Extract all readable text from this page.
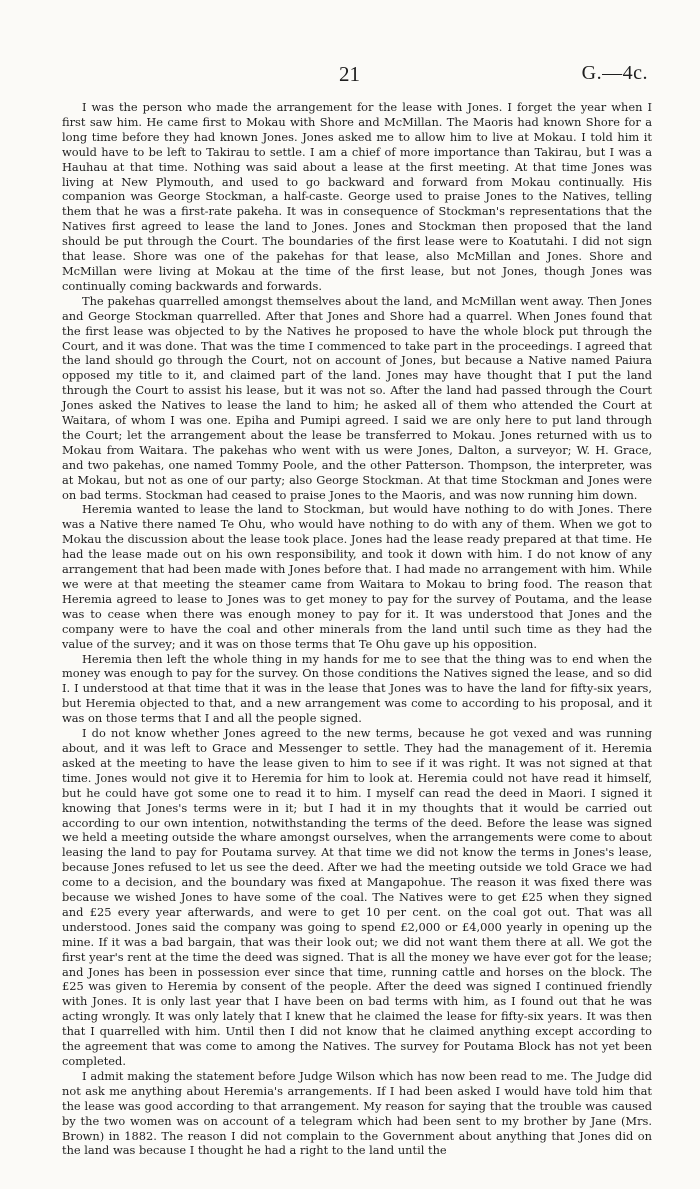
21	G.—4c.

I was the person who made the arrangement for the lease with Jones. I forget the year when I first saw him. He came first to Mokau with Shore and McMillan. The Maoris had known Shore for a long time before they had known Jones. Jones asked me to allow him to live at Mokau. I told him it would have to be left to Takirau to settle. I am a chief of more importance than Takirau, but I was a Hauhau at that time. Nothing was said about a lease at the first meeting. At that time Jones was living at New Plymouth, and used to go backward and forward from Mokau continually. His companion was George Stockman, a half-caste. George used to praise Jones to the Natives, telling them that he was a first-rate pakeha. It was in consequence of Stockman's representations that the Natives first agreed to lease the land to Jones. Jones and Stockman then proposed that the land should be put through the Court. The boundaries of the first lease were to Koatutahi. I did not sign that lease. Shore was one of the pakehas for that lease, also McMillan and Jones. Shore and McMillan were living at Mokau at the time of the first lease, but not Jones, though Jones was continually coming backwards and forwards.

The pakehas quarrelled amongst themselves about the land, and McMillan went away. Then Jones and George Stockman quarrelled. After that Jones and Shore had a quarrel. When Jones found that the first lease was objected to by the Natives he proposed to have the whole block put through the Court, and it was done. That was the time I commenced to take part in the proceedings. I agreed that the land should go through the Court, not on account of Jones, but because a Native named Paiura opposed my title to it, and claimed part of the land. Jones may have thought that I put the land through the Court to assist his lease, but it was not so. After the land had passed through the Court Jones asked the Natives to lease the land to him; he asked all of them who attended the Court at Waitara, of whom I was one. Epiha and Pumipi agreed. I said we are only here to put land through the Court; let the arrangement about the lease be transferred to Mokau. Jones returned with us to Mokau from Waitara. The pakehas who went with us were Jones, Dalton, a surveyor; W. H. Grace, and two pakehas, one named Tommy Poole, and the other Patterson. Thompson, the interpreter, was at Mokau, but not as one of our party; also George Stockman. At that time Stockman and Jones were on bad terms. Stockman had ceased to praise Jones to the Maoris, and was now running him down.

Heremia wanted to lease the land to Stockman, but would have nothing to do with Jones. There was a Native there named Te Ohu, who would have nothing to do with any of them. When we got to Mokau the discussion about the lease took place. Jones had the lease ready prepared at that time. He had the lease made out on his own responsibility, and took it down with him. I do not know of any arrangement that had been made with Jones before that. I had made no arrangement with him. While we were at that meeting the steamer came from Waitara to Mokau to bring food. The reason that Heremia agreed to lease to Jones was to get money to pay for the survey of Poutama, and the lease was to cease when there was enough money to pay for it. It was understood that Jones and the company were to have the coal and other minerals from the land until such time as they had the value of the survey; and it was on those terms that Te Ohu gave up his opposition.

Heremia then left the whole thing in my hands for me to see that the thing was to end when the money was enough to pay for the survey. On those conditions the Natives signed the lease, and so did I. I understood at that time that it was in the lease that Jones was to have the land for fifty-six years, but Heremia objected to that, and a new arrangement was come to according to his proposal, and it was on those terms that I and all the people signed.

I do not know whether Jones agreed to the new terms, because he got vexed and was running about, and it was left to Grace and Messenger to settle. They had the management of it. Heremia asked at the meeting to have the lease given to him to see if it was right. It was not signed at that time. Jones would not give it to Heremia for him to look at. Heremia could not have read it himself, but he could have got some one to read it to him. I myself can read the deed in Maori. I signed it knowing that Jones's terms were in it; but I had it in my thoughts that it would be carried out according to our own intention, notwithstanding the terms of the deed. Before the lease was signed we held a meeting outside the whare amongst ourselves, when the arrangements were come to about leasing the land to pay for Poutama survey. At that time we did not know the terms in Jones's lease, because Jones refused to let us see the deed. After we had the meeting outside we told Grace we had come to a decision, and the boundary was fixed at Mangapohue. The reason it was fixed there was because we wished Jones to have some of the coal. The Natives were to get £25 when they signed and £25 every year afterwards, and were to get 10 per cent. on the coal got out. That was all understood. Jones said the company was going to spend £2,000 or £4,000 yearly in opening up the mine. If it was a bad bargain, that was their look out; we did not want them there at all. We got the first year's rent at the time the deed was signed. That is all the money we have ever got for the lease; and Jones has been in possession ever since that time, running cattle and horses on the block. The £25 was given to Heremia by consent of the people. After the deed was signed I continued friendly with Jones. It is only last year that I have been on bad terms with him, as I found out that he was acting wrongly. It was only lately that I knew that he claimed the lease for fifty-six years. It was then that I quarrelled with him. Until then I did not know that he claimed anything except according to the agreement that was come to among the Natives. The survey for Poutama Block has not yet been completed.

I admit making the statement before Judge Wilson which has now been read to me. The Judge did not ask me anything about Heremia's arrangements. If I had been asked I would have told him that the lease was good according to that arrangement. My reason for saying that the trouble was caused by the two women was on account of a telegram which had been sent to my brother by Jane (Mrs. Brown) in 1882. The reason I did not complain to the Government about anything that Jones did on the land was because I thought he had a right to the land until the
